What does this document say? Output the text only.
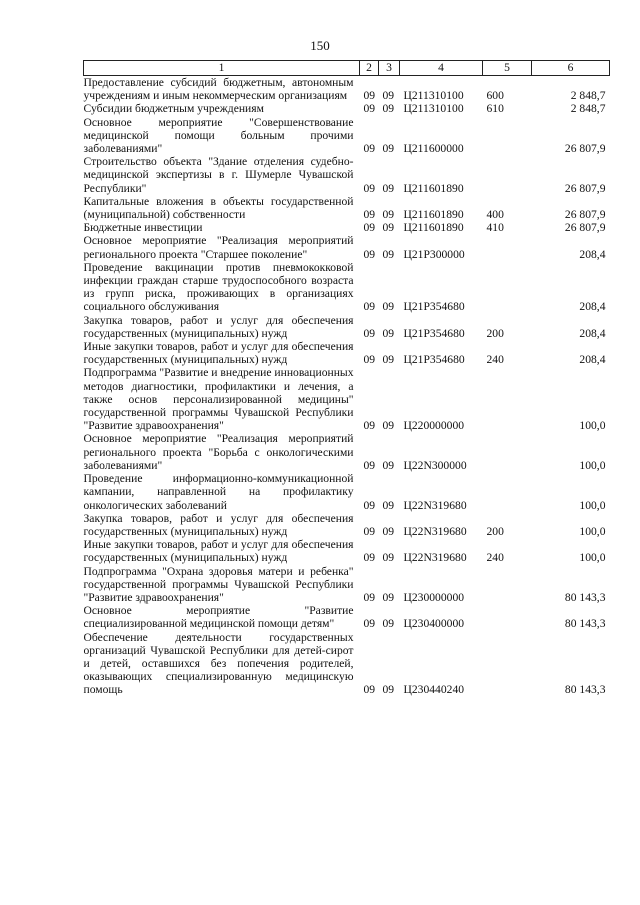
150
1	2	3	4	5	6
Предоставление субсидий бюджетным, автономным учреждениям и иным некоммерческим организациям	09	09	Ц211310100	600	2 848,7
Субсидии бюджетным учреждениям	09	09	Ц211310100	610	2 848,7
Основное мероприятие "Совершенствование медицинской помощи больным прочими заболеваниями"	09	09	Ц211600000		26 807,9
Строительство объекта "Здание отделения судебно-медицинской экспертизы в г. Шумерле Чувашской Республики"	09	09	Ц211601890		26 807,9
Капитальные вложения в объекты государственной (муниципальной) собственности	09	09	Ц211601890	400	26 807,9
Бюджетные инвестиции	09	09	Ц211601890	410	26 807,9
Основное мероприятие "Реализация мероприятий регионального проекта "Старшее поколение"	09	09	Ц21P300000		208,4
Проведение вакцинации против пневмококковой инфекции граждан старше трудоспособного возраста из групп риска, проживающих в организациях социального обслуживания	09	09	Ц21P354680		208,4
Закупка товаров, работ и услуг для обеспечения государственных (муниципальных) нужд	09	09	Ц21P354680	200	208,4
Иные закупки товаров, работ и услуг для обеспечения государственных (муниципальных) нужд	09	09	Ц21P354680	240	208,4
Подпрограмма "Развитие и внедрение инновационных методов диагностики, профилактики и лечения, а также основ персонализированной медицины" государственной программы Чувашской Республики "Развитие здравоохранения"	09	09	Ц220000000		100,0
Основное мероприятие "Реализация мероприятий регионального проекта "Борьба с онкологическими заболеваниями"	09	09	Ц22N300000		100,0
Проведение информационно-коммуникационной кампании, направленной на профилактику онкологических заболеваний	09	09	Ц22N319680		100,0
Закупка товаров, работ и услуг для обеспечения государственных (муниципальных) нужд	09	09	Ц22N319680	200	100,0
Иные закупки товаров, работ и услуг для обеспечения государственных (муниципальных) нужд	09	09	Ц22N319680	240	100,0
Подпрограмма "Охрана здоровья матери и ребенка" государственной программы Чувашской Республики "Развитие здравоохранения"	09	09	Ц230000000		80 143,3
Основное мероприятие "Развитие специализированной медицинской помощи детям"	09	09	Ц230400000		80 143,3
Обеспечение деятельности государственных организаций Чувашской Республики для детей-сирот и детей, оставшихся без попечения родителей, оказывающих специализированную медицинскую помощь	09	09	Ц230440240		80 143,3
